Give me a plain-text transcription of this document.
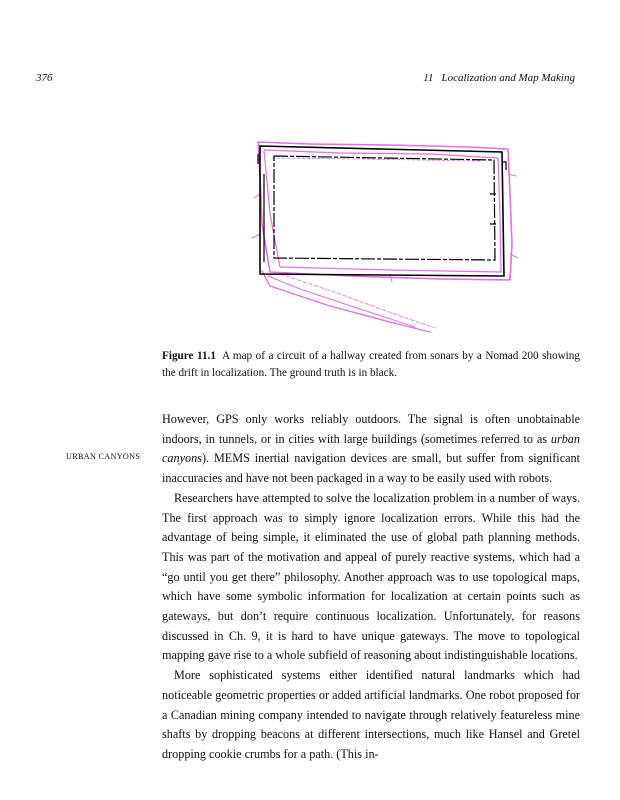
376	11 Localization and Map Making
Figure 11.1 A map of a circuit of a hallway created from sonars by a Nomad 200 showing the drift in localization. The ground truth is in black.
URBAN CANYONS

However, GPS only works reliably outdoors. The signal is often unobtainable indoors, in tunnels, or in cities with large buildings (sometimes referred to as urban canyons). MEMS inertial navigation devices are small, but suffer from significant inaccuracies and have not been packaged in a way to be easily used with robots.

Researchers have attempted to solve the localization problem in a number of ways. The first approach was to simply ignore localization errors. While this had the advantage of being simple, it eliminated the use of global path planning methods. This was part of the motivation and appeal of purely reactive systems, which had a “go until you get there” philosophy. Another approach was to use topological maps, which have some symbolic information for localization at certain points such as gateways, but don’t require continuous localization. Unfortunately, for reasons discussed in Ch. 9, it is hard to have unique gateways. The move to topological mapping gave rise to a whole subfield of reasoning about indistinguishable locations.

More sophisticated systems either identified natural landmarks which had noticeable geometric properties or added artificial landmarks. One robot proposed for a Canadian mining company intended to navigate through relatively featureless mine shafts by dropping beacons at different intersections, much like Hansel and Gretel dropping cookie crumbs for a path. (This in-
